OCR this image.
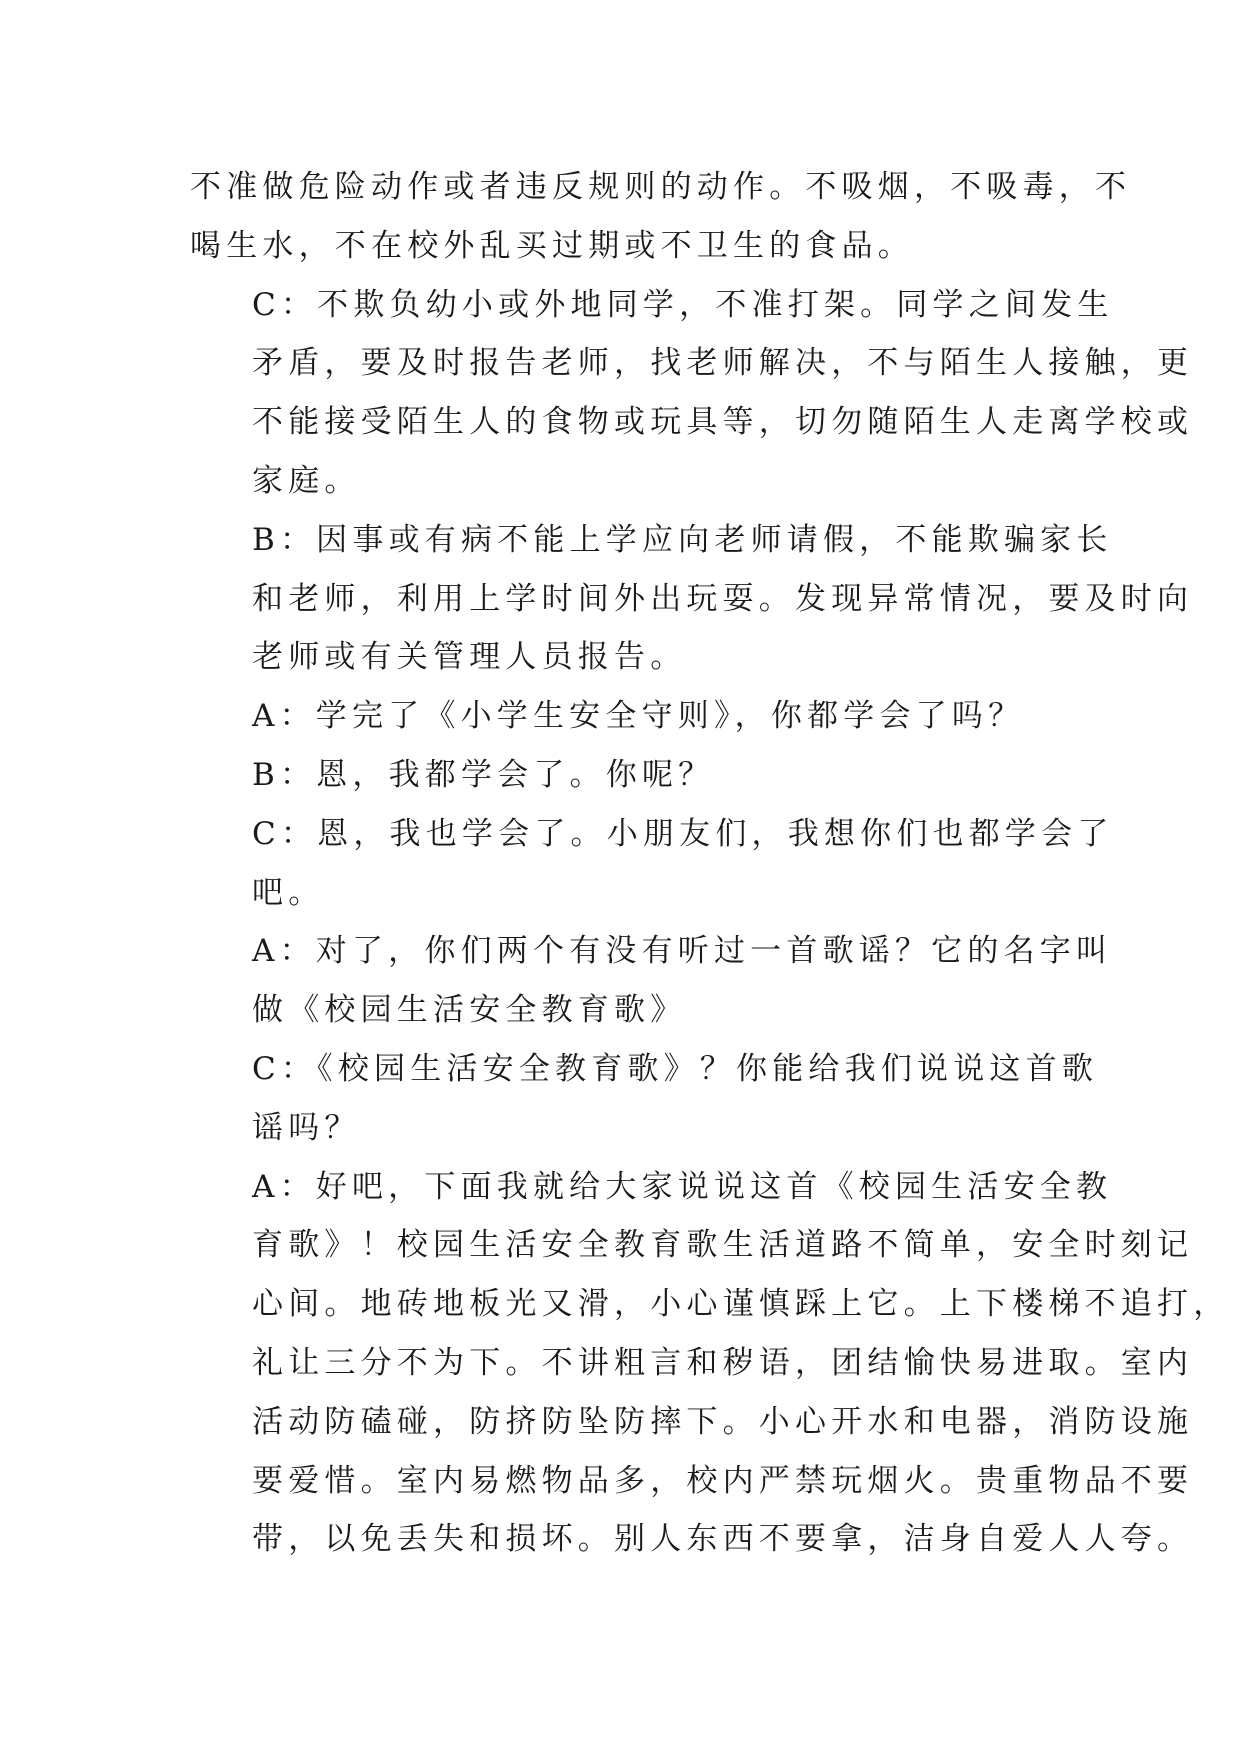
不准做危险动作或者违反规则的动作。不吸烟，不吸毒，不
喝生水，不在校外乱买过期或不卫生的食品。

C：不欺负幼小或外地同学，不准打架。同学之间发生
矛盾，要及时报告老师，找老师解决，不与陌生人接触，更
不能接受陌生人的食物或玩具等，切勿随陌生人走离学校或
家庭。

B：因事或有病不能上学应向老师请假，不能欺骗家长
和老师，利用上学时间外出玩耍。发现异常情况，要及时向
老师或有关管理人员报告。

A：学完了《小学生安全守则》，你都学会了吗？

B：恩，我都学会了。你呢？

C：恩，我也学会了。小朋友们，我想你们也都学会了
吧。

A：对了，你们两个有没有听过一首歌谣？它的名字叫
做《校园生活安全教育歌》

C：《校园生活安全教育歌》？你能给我们说说这首歌
谣吗？

A：好吧，下面我就给大家说说这首《校园生活安全教
育歌》！校园生活安全教育歌生活道路不简单，安全时刻记
心间。地砖地板光又滑，小心谨慎踩上它。上下楼梯不追打，
礼让三分不为下。不讲粗言和秽语，团结愉快易进取。室内
活动防磕碰，防挤防坠防摔下。小心开水和电器，消防设施
要爱惜。室内易燃物品多，校内严禁玩烟火。贵重物品不要
带，以免丢失和损坏。别人东西不要拿，洁身自爱人人夸。
